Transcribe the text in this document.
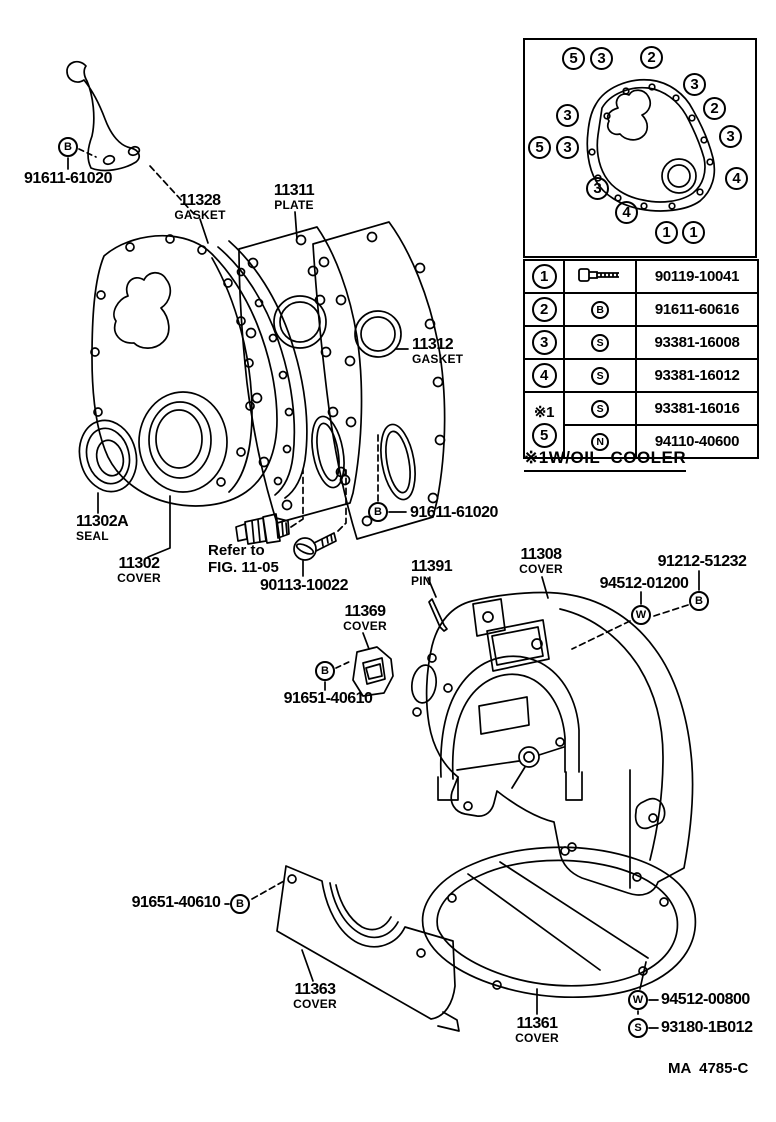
5	3	2
3
2
3
4
1	1
4
3
3
5	3
1		90119-10041
2	B	91611-60616
3	S	93381-16008
4	S	93381-16012

※1
5	S	93381-16016
	N	94110-40600
※1W/OIL  COOLER
B
B
B
W
B
B
W
S
91611-61020
11328
GASKET
11311
PLATE
11312
GASKET
11302A
SEAL
11302
COVER
Refer to
FIG. 11-05
90113-10022
91611-61020
11369
COVER
91651-40610
11391
PIN
11308
COVER
94512-01200
91212-51232
91651-40610
11363
COVER
11361
COVER
94512-00800
93180-1B012
MA  4785-C
